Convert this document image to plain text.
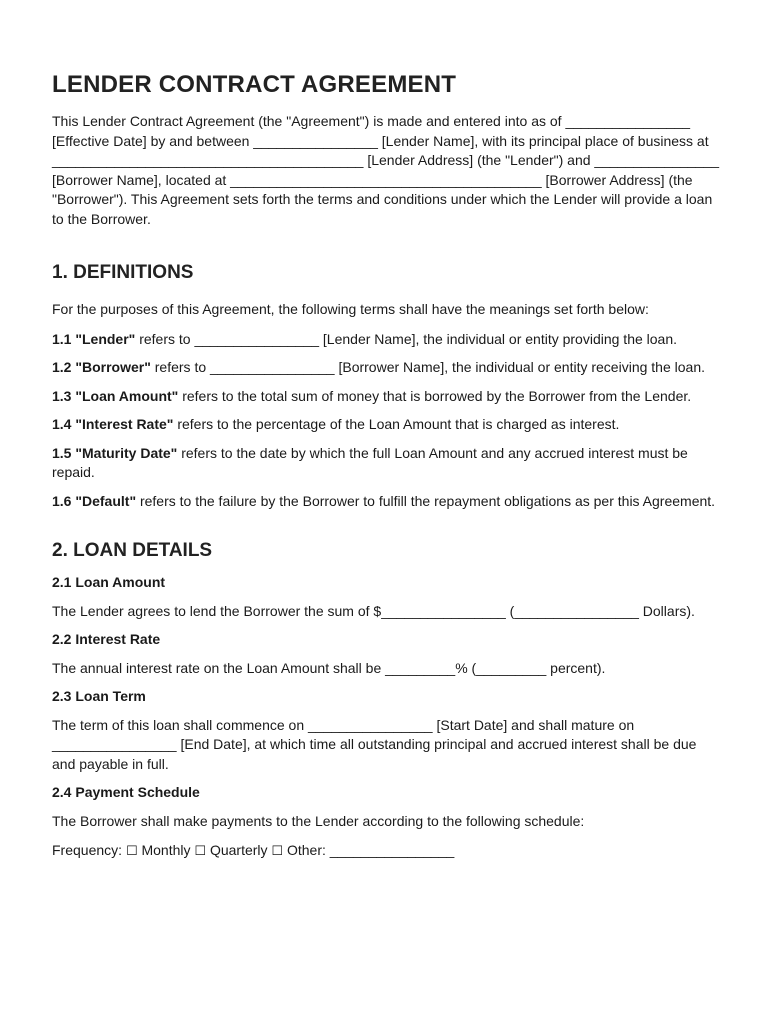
LENDER CONTRACT AGREEMENT

This Lender Contract Agreement (the "Agreement") is made and entered into as of ________________ [Effective Date] by and between ________________ [Lender Name], with its principal place of business at ________________________________________ [Lender Address] (the "Lender") and ________________ [Borrower Name], located at ________________________________________ [Borrower Address] (the "Borrower"). This Agreement sets forth the terms and conditions under which the Lender will provide a loan to the Borrower.

1. DEFINITIONS

For the purposes of this Agreement, the following terms shall have the meanings set forth below:

1.1 "Lender" refers to ________________ [Lender Name], the individual or entity providing the loan.

1.2 "Borrower" refers to ________________ [Borrower Name], the individual or entity receiving the loan.

1.3 "Loan Amount" refers to the total sum of money that is borrowed by the Borrower from the Lender.

1.4 "Interest Rate" refers to the percentage of the Loan Amount that is charged as interest.

1.5 "Maturity Date" refers to the date by which the full Loan Amount and any accrued interest must be repaid.

1.6 "Default" refers to the failure by the Borrower to fulfill the repayment obligations as per this Agreement.

2. LOAN DETAILS
2.1 Loan Amount

The Lender agrees to lend the Borrower the sum of $________________ (________________ Dollars).

2.2 Interest Rate

The annual interest rate on the Loan Amount shall be _________% (_________ percent).

2.3 Loan Term

The term of this loan shall commence on ________________ [Start Date] and shall mature on ________________ [End Date], at which time all outstanding principal and accrued interest shall be due and payable in full.

2.4 Payment Schedule

The Borrower shall make payments to the Lender according to the following schedule:

Frequency: ☐ Monthly ☐ Quarterly ☐ Other: ________________
